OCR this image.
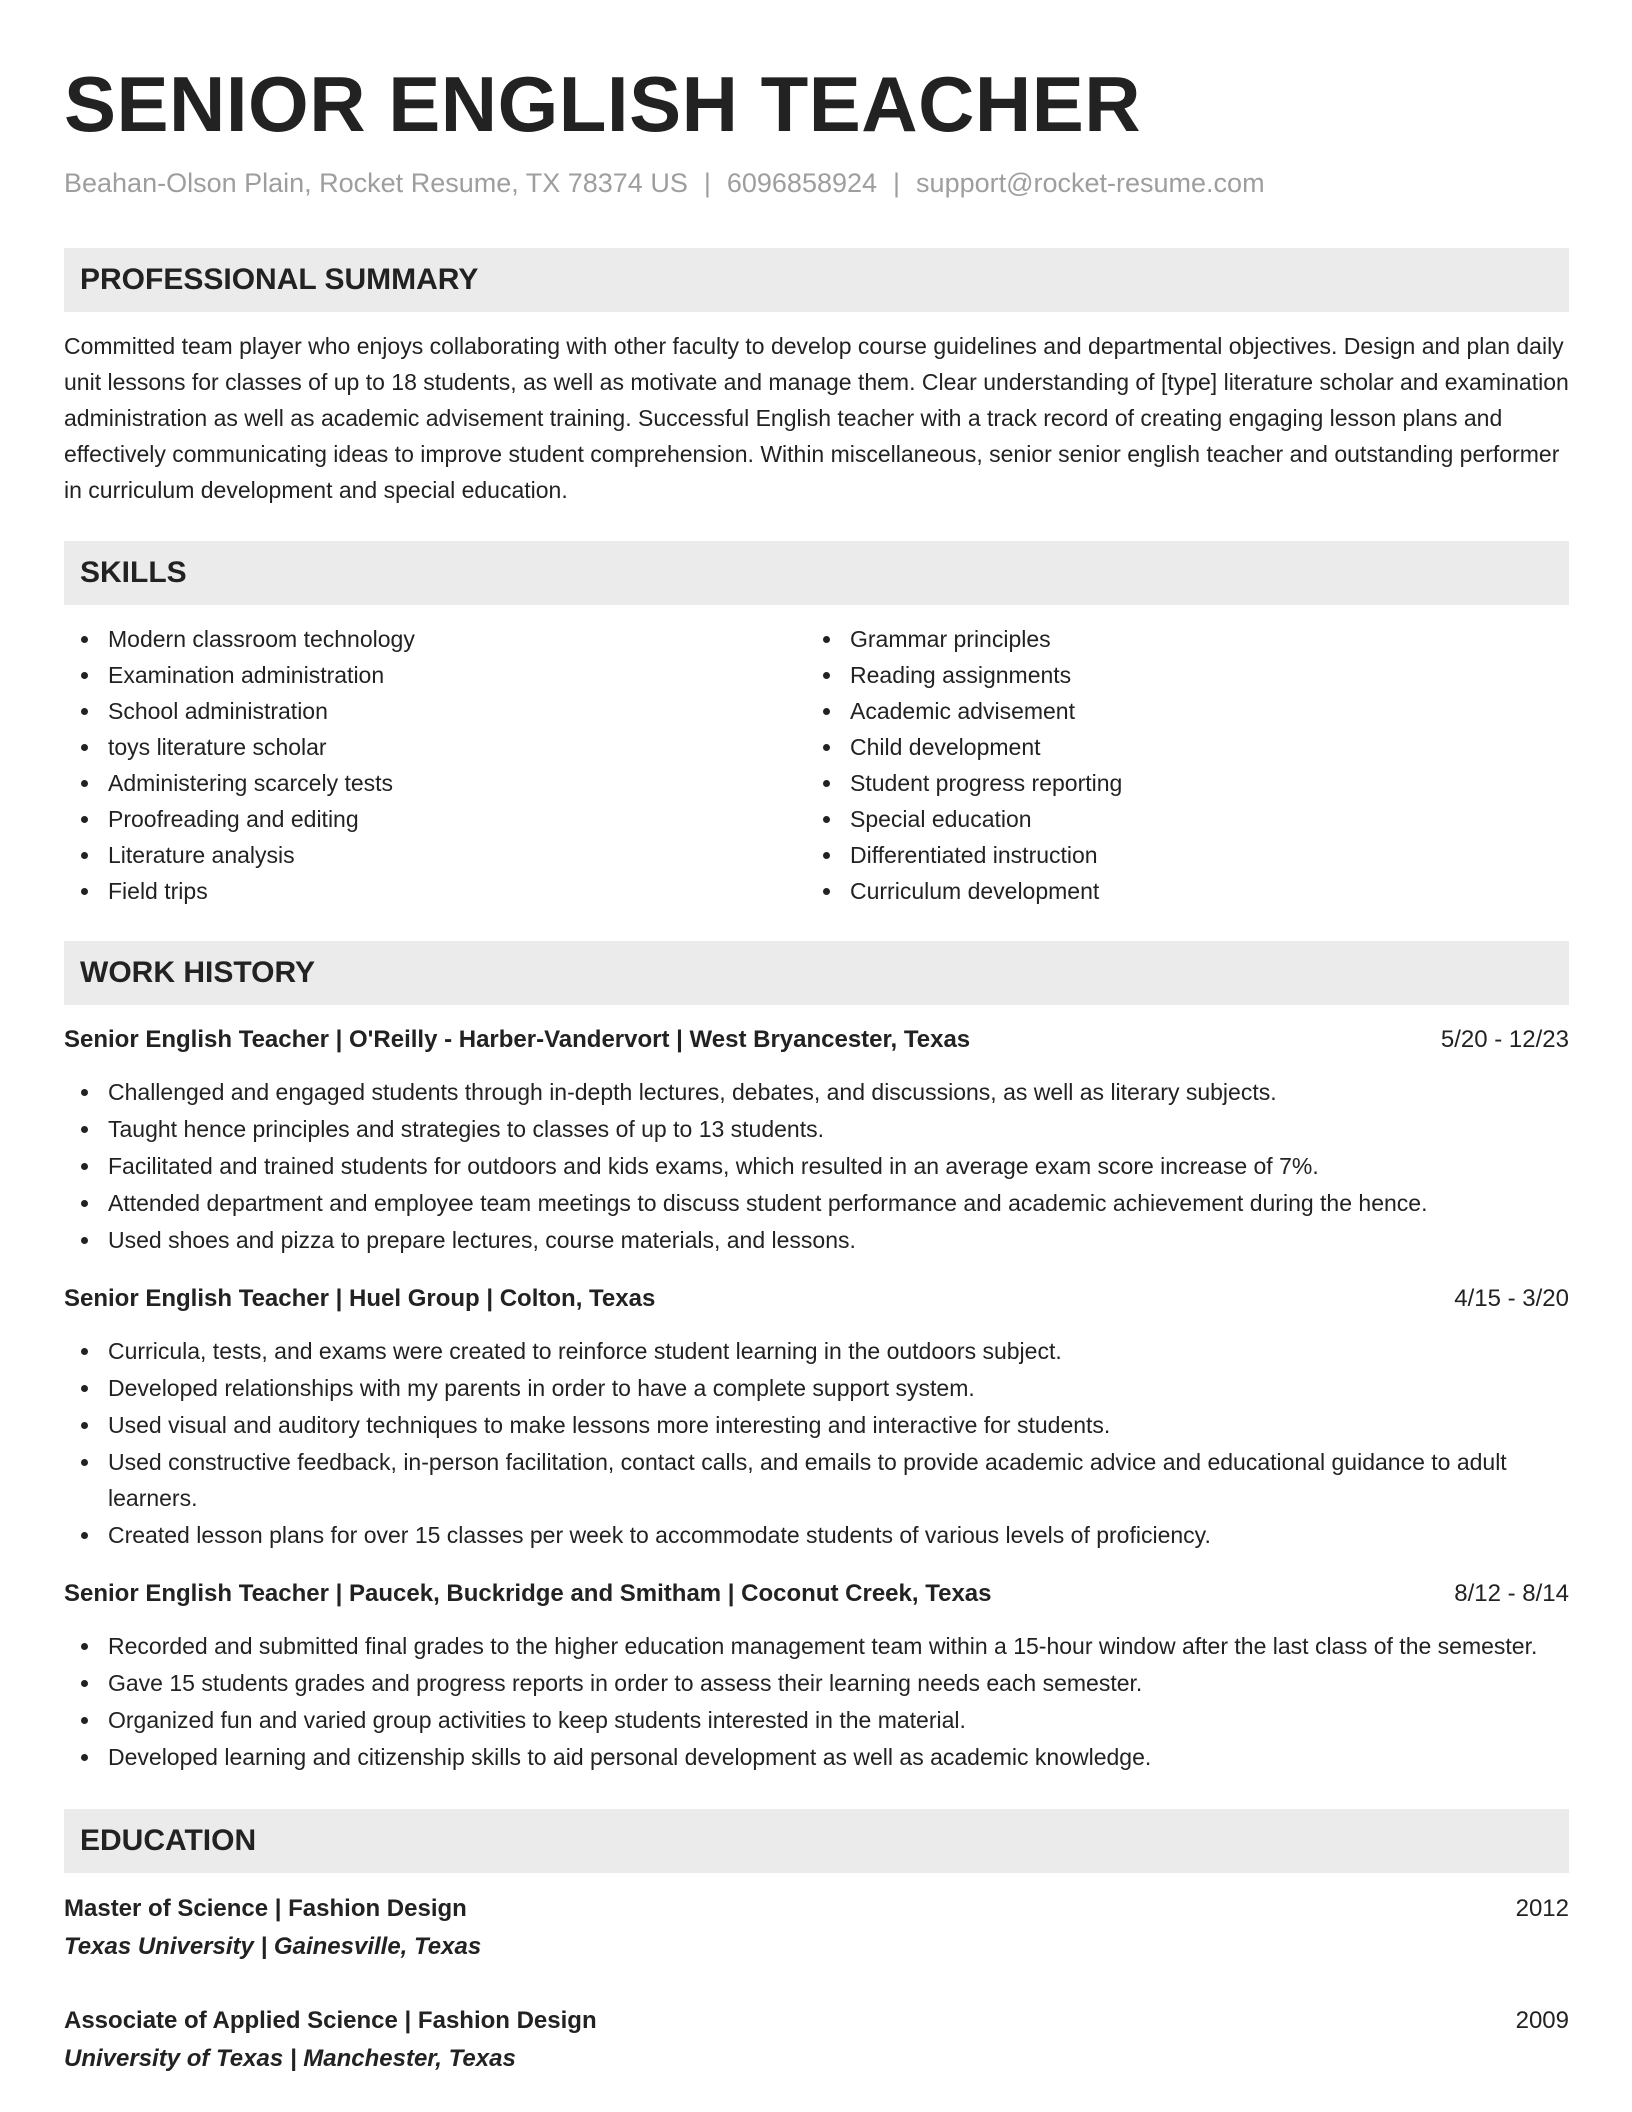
SENIOR ENGLISH TEACHER
Beahan-Olson Plain, Rocket Resume, TX 78374 US | 6096858924 | support@rocket-resume.com
PROFESSIONAL SUMMARY

Committed team player who enjoys collaborating with other faculty to develop course guidelines and departmental objectives. Design and plan daily unit lessons for classes of up to 18 students, as well as motivate and manage them. Clear understanding of [type] literature scholar and examination administration as well as academic advisement training. Successful English teacher with a track record of creating engaging lesson plans and effectively communicating ideas to improve student comprehension. Within miscellaneous, senior senior english teacher and outstanding performer in curriculum development and special education.

SKILLS
Modern classroom technology
Examination administration
School administration
toys literature scholar
Administering scarcely tests
Proofreading and editing
Literature analysis
Field trips
Grammar principles
Reading assignments
Academic advisement
Child development
Student progress reporting
Special education
Differentiated instruction
Curriculum development
WORK HISTORY
Senior English Teacher | O'Reilly - Harber-Vandervort | West Bryancester, Texas	5/20 - 12/23
Challenged and engaged students through in-depth lectures, debates, and discussions, as well as literary subjects.
Taught hence principles and strategies to classes of up to 13 students.
Facilitated and trained students for outdoors and kids exams, which resulted in an average exam score increase of 7%.
Attended department and employee team meetings to discuss student performance and academic achievement during the hence.
Used shoes and pizza to prepare lectures, course materials, and lessons.
Senior English Teacher | Huel Group | Colton, Texas	4/15 - 3/20
Curricula, tests, and exams were created to reinforce student learning in the outdoors subject.
Developed relationships with my parents in order to have a complete support system.
Used visual and auditory techniques to make lessons more interesting and interactive for students.
Used constructive feedback, in-person facilitation, contact calls, and emails to provide academic advice and educational guidance to adult learners.
Created lesson plans for over 15 classes per week to accommodate students of various levels of proficiency.
Senior English Teacher | Paucek, Buckridge and Smitham | Coconut Creek, Texas	8/12 - 8/14
Recorded and submitted final grades to the higher education management team within a 15-hour window after the last class of the semester.
Gave 15 students grades and progress reports in order to assess their learning needs each semester.
Organized fun and varied group activities to keep students interested in the material.
Developed learning and citizenship skills to aid personal development as well as academic knowledge.
EDUCATION
Master of Science | Fashion Design	2012
Texas University | Gainesville, Texas
Associate of Applied Science | Fashion Design	2009
University of Texas | Manchester, Texas
